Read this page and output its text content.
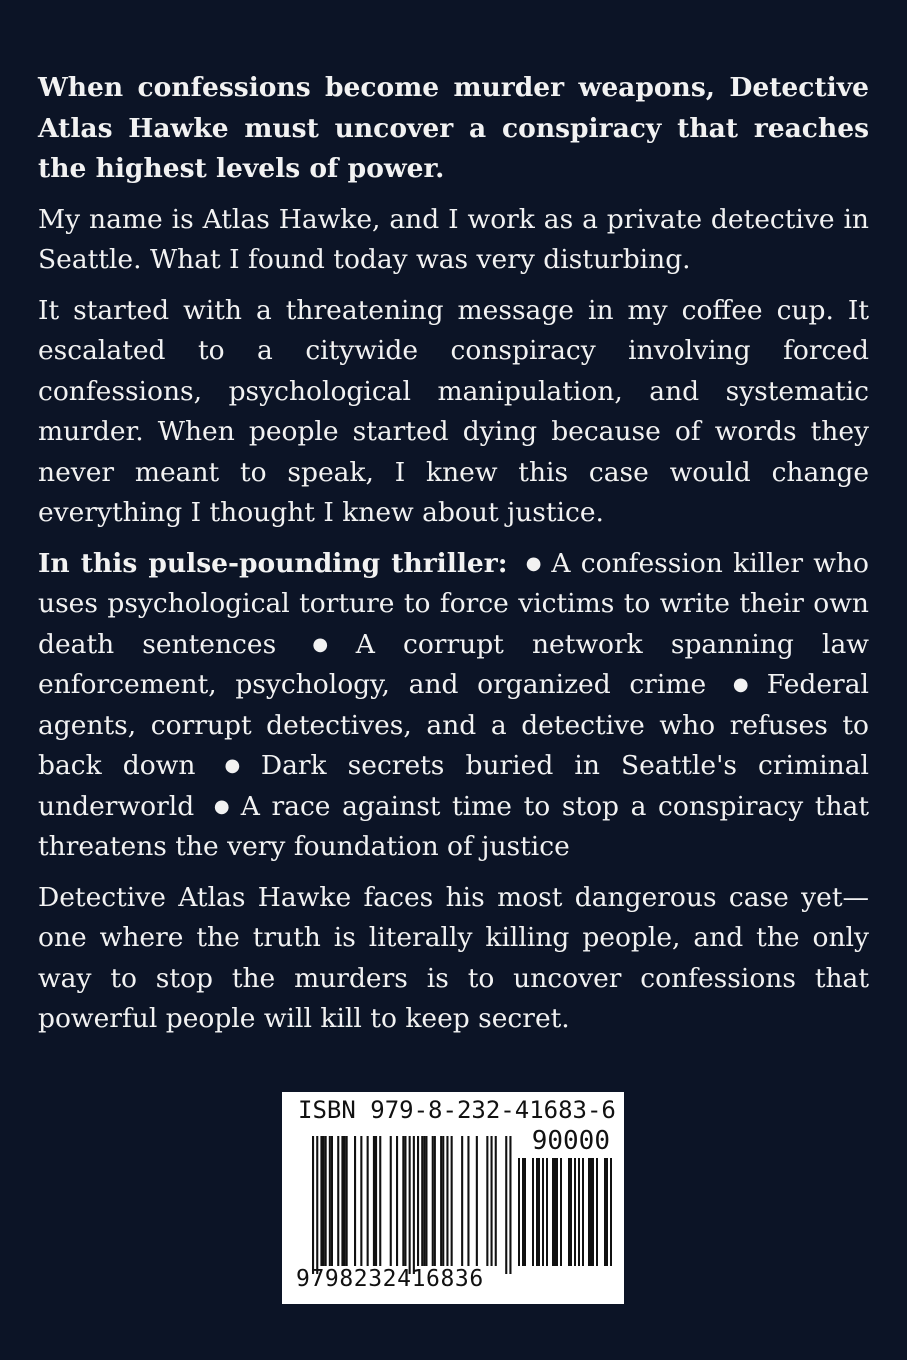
When confessions become murder weapons, Detective Atlas Hawke must uncover a conspiracy that reaches the highest levels of power.

My name is Atlas Hawke, and I work as a private detective in Seattle. What I found today was very disturbing.

It started with a threatening message in my coffee cup. It escalated to a citywide conspiracy involving forced confessions, psychological manipulation, and systematic murder. When people started dying because of words they never meant to speak, I knew this case would change everything I thought I knew about justice.

In this pulse-pounding thriller: ● A confession killer who uses psychological torture to force victims to write their own death sentences ● A corrupt network spanning law enforcement, psychology, and organized crime ● Federal agents, corrupt detectives, and a detective who refuses to back down ● Dark secrets buried in Seattle's criminal underworld ● A race against time to stop a conspiracy that threatens the very foundation of justice

Detective Atlas Hawke faces his most dangerous case yet—one where the truth is literally killing people, and the only way to stop the murders is to uncover confessions that powerful people will kill to keep secret.

ISBN 979-8-232-41683-6
90000
9798232416836
